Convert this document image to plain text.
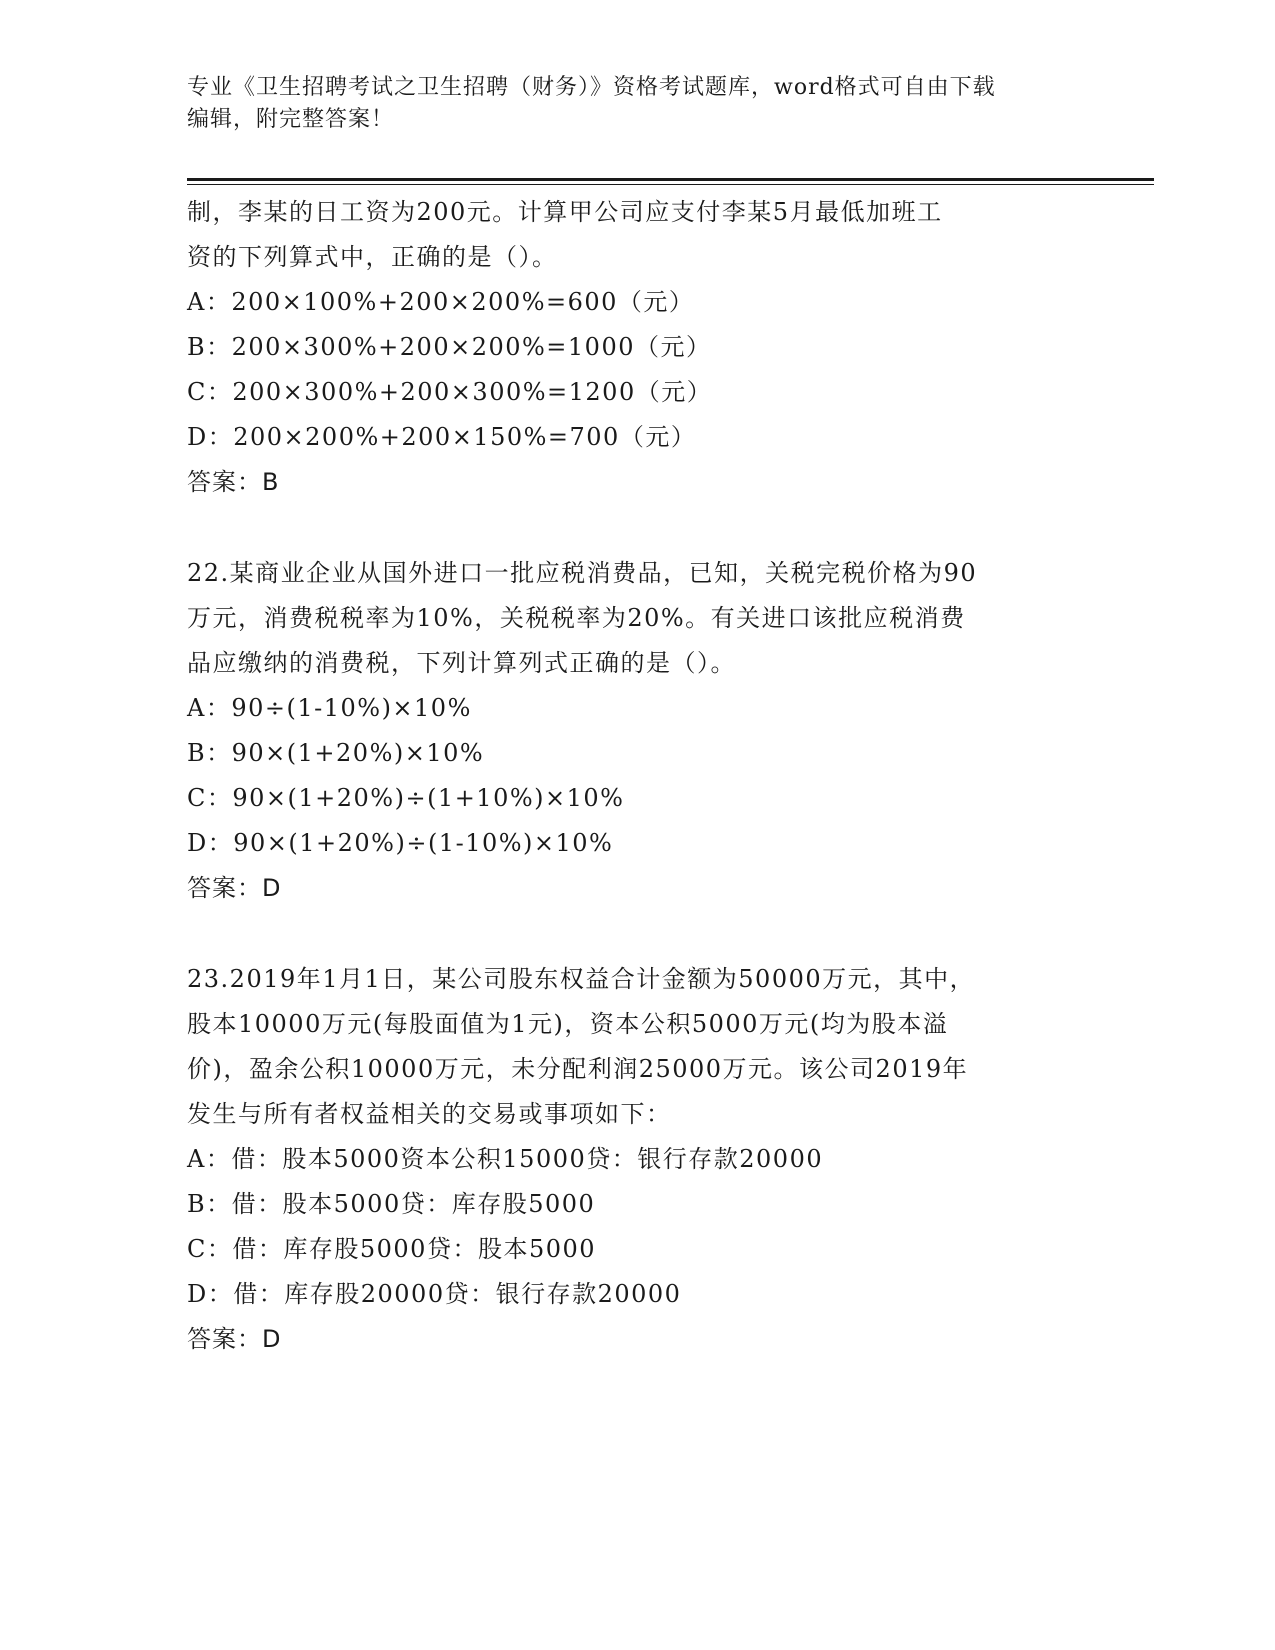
专业《卫生招聘考试之卫生招聘（财务）》资格考试题库，word格式可自由下载
编辑，附完整答案！
制，李某的日工资为200元。计算甲公司应支付李某5月最低加班工
资的下列算式中，正确的是（）。
A：200×100%+200×200%=600（元）
B：200×300%+200×200%=1000（元）
C：200×300%+200×300%=1200（元）
D：200×200%+200×150%=700（元）
答案：B
22.某商业企业从国外进口一批应税消费品，已知，关税完税价格为90
万元，消费税税率为10%，关税税率为20%。有关进口该批应税消费
品应缴纳的消费税，下列计算列式正确的是（）。
A：90÷(1-10%)×10%
B：90×(1+20%)×10%
C：90×(1+20%)÷(1+10%)×10%
D：90×(1+20%)÷(1-10%)×10%
答案：D
23.2019年1月1日，某公司股东权益合计金额为50000万元，其中，
股本10000万元(每股面值为1元)，资本公积5000万元(均为股本溢
价)，盈余公积10000万元，未分配利润25000万元。该公司2019年
发生与所有者权益相关的交易或事项如下：
A：借：股本5000资本公积15000贷：银行存款20000
B：借：股本5000贷：库存股5000
C：借：库存股5000贷：股本5000
D：借：库存股20000贷：银行存款20000
答案：D
